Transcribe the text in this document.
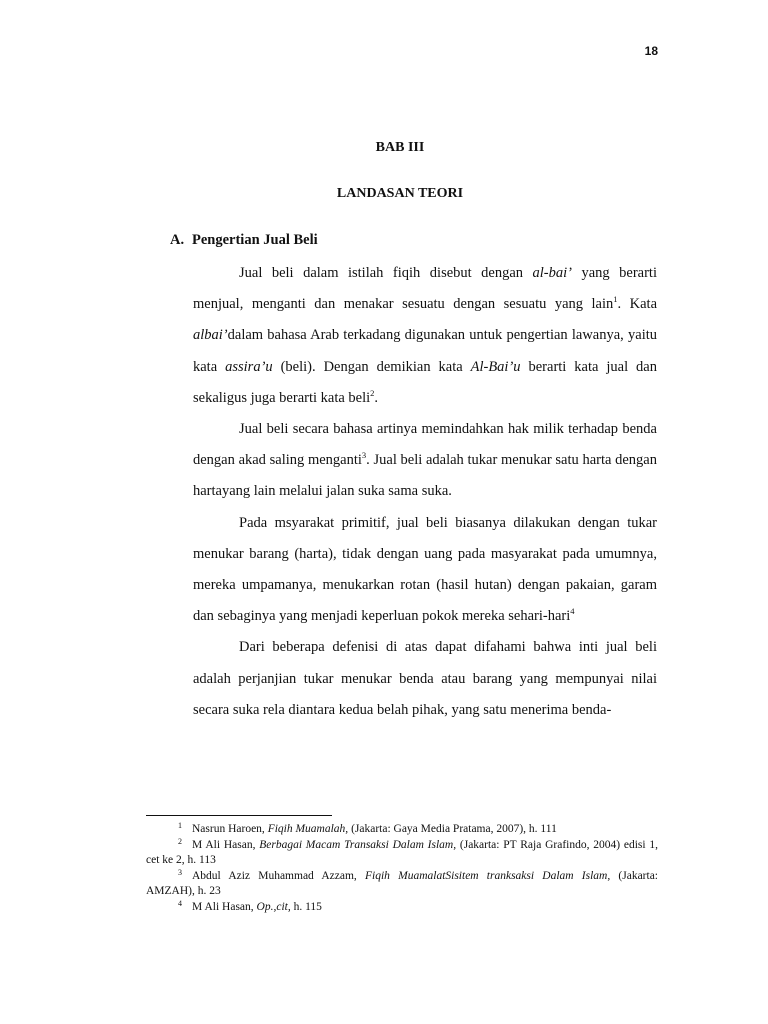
18
BAB III
LANDASAN TEORI
A. Pengertian Jual Beli

Jual beli dalam istilah fiqih disebut dengan al-bai’ yang berarti menjual, menganti dan menakar sesuatu dengan sesuatu yang lain$^1$. Kata albai’dalam bahasa Arab terkadang digunakan untuk pengertian lawanya, yaitu kata assira’u (beli). Dengan demikian kata Al-Bai’u berarti kata jual dan sekaligus juga berarti kata beli$^2$.

Jual beli secara bahasa artinya memindahkan hak milik terhadap benda dengan akad saling menganti$^3$. Jual beli adalah tukar menukar satu harta dengan hartayang lain melalui jalan suka sama suka.

Pada msyarakat primitif, jual beli biasanya dilakukan dengan tukar menukar barang (harta), tidak dengan uang pada masyarakat pada umumnya, mereka umpamanya, menukarkan rotan (hasil hutan) dengan pakaian, garam dan sebaginya yang menjadi keperluan pokok mereka sehari-hari$^4$

Dari beberapa defenisi di atas dapat difahami bahwa inti jual beli adalah perjanjian tukar menukar benda atau barang yang mempunyai nilai secara suka rela diantara kedua belah pihak, yang satu menerima benda-

$^1$ Nasrun Haroen, Fiqih Muamalah, (Jakarta: Gaya Media Pratama, 2007), h. 111

$^2$ M Ali Hasan, Berbagai Macam Transaksi Dalam Islam, (Jakarta: PT Raja Grafindo, 2004) edisi 1, cet ke 2, h. 113

$^3$ Abdul Aziz Muhammad Azzam, Fiqih MuamalatSisitem tranksaksi Dalam Islam, (Jakarta: AMZAH), h. 23

$^4$ M Ali Hasan, Op.,cit, h. 115
